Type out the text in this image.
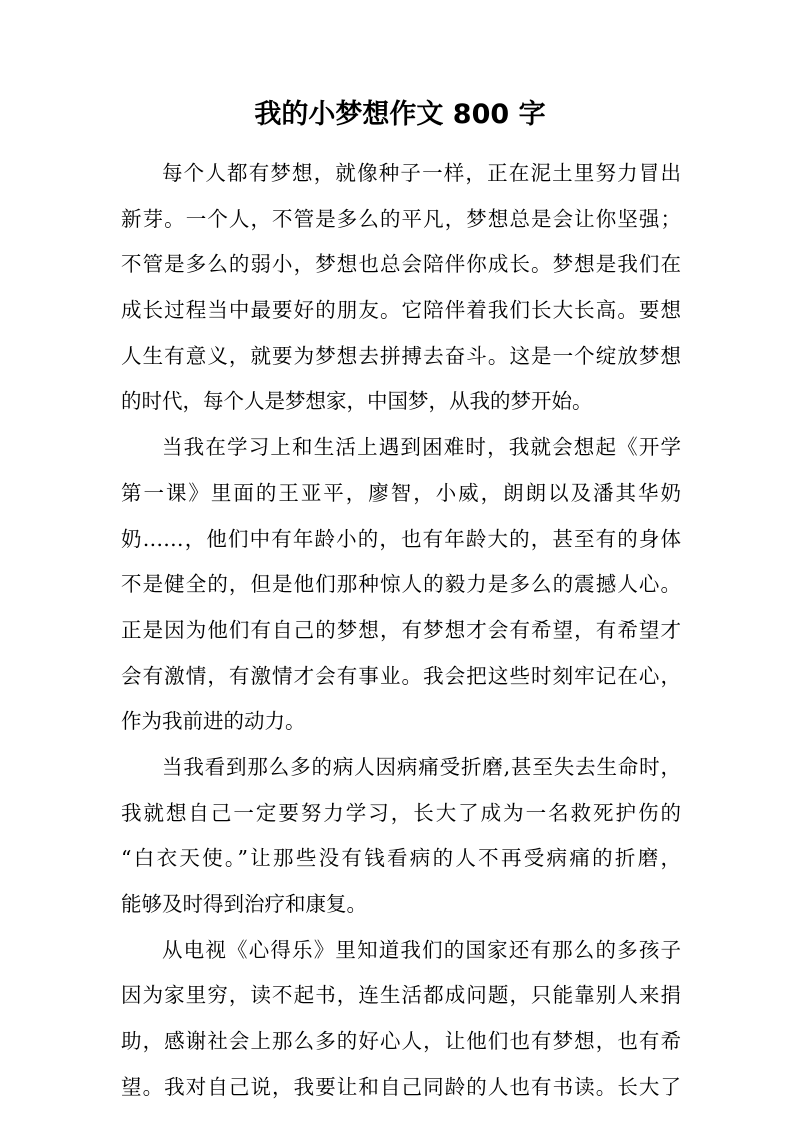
我的小梦想作文 800 字
每个人都有梦想，就像种子一样，正在泥土里努力冒出
新芽。一个人，不管是多么的平凡，梦想总是会让你坚强；
不管是多么的弱小，梦想也总会陪伴你成长。梦想是我们在
成长过程当中最要好的朋友。它陪伴着我们长大长高。要想
人生有意义，就要为梦想去拼搏去奋斗。这是一个绽放梦想
的时代，每个人是梦想家，中国梦，从我的梦开始。
当我在学习上和生活上遇到困难时，我就会想起《开学
第一课》里面的王亚平，廖智，小威，朗朗以及潘其华奶
奶……，他们中有年龄小的，也有年龄大的，甚至有的身体
不是健全的，但是他们那种惊人的毅力是多么的震撼人心。
正是因为他们有自己的梦想，有梦想才会有希望，有希望才
会有激情，有激情才会有事业。我会把这些时刻牢记在心，
作为我前进的动力。
当我看到那么多的病人因病痛受折磨,甚至失去生命时，
我就想自己一定要努力学习，长大了成为一名救死护伤的
“白衣天使。”让那些没有钱看病的人不再受病痛的折磨，
能够及时得到治疗和康复。
从电视《心得乐》里知道我们的国家还有那么的多孩子
因为家里穷，读不起书，连生活都成问题，只能靠别人来捐
助，感谢社会上那么多的好心人，让他们也有梦想，也有希
望。我对自己说，我要让和自己同龄的人也有书读。长大了
